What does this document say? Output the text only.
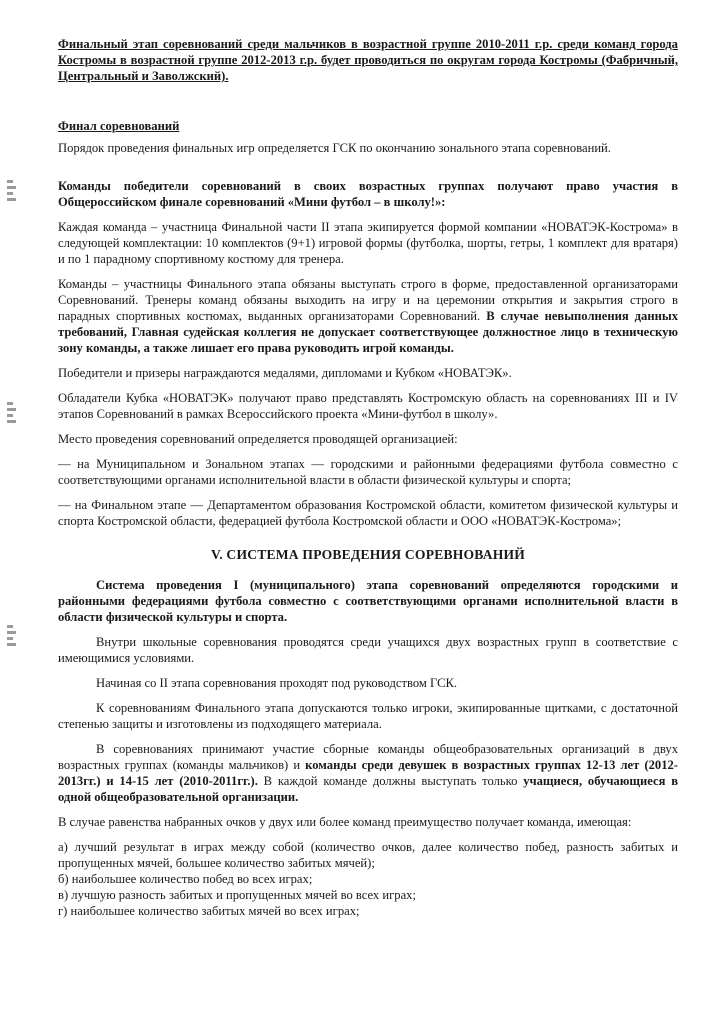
Финальный этап соревнований среди мальчиков в возрастной группе 2010-2011 г.р. среди команд города Костромы в возрастной группе 2012-2013 г.р. будет проводиться по округам города Костромы (Фабричный, Центральный и Заволжский).

Финал соревнований

Порядок проведения финальных игр определяется ГСК по окончанию зонального этапа соревнований.

Команды победители соревнований в своих возрастных группах получают право участия в Общероссийском финале соревнований «Мини футбол – в школу!»:

Каждая команда – участница Финальной части II этапа экипируется формой компании «НОВАТЭК-Кострома» в следующей комплектации: 10 комплектов (9+1) игровой формы (футболка, шорты, гетры, 1 комплект для вратаря) и по 1 парадному спортивному костюму для тренера.

Команды – участницы Финального этапа обязаны выступать строго в форме, предоставленной организаторами Соревнований. Тренеры команд обязаны выходить на игру и на церемонии открытия и закрытия строго в парадных спортивных костюмах, выданных организаторами Соревнований. В случае невыполнения данных требований, Главная судейская коллегия не допускает соответствующее должностное лицо в техническую зону команды, а также лишает его права руководить игрой команды.

Победители и призеры награждаются медалями, дипломами и Кубком «НОВАТЭК».

Обладатели Кубка «НОВАТЭК» получают право представлять Костромскую область на соревнованиях III и IV этапов Соревнований в рамках Всероссийского проекта «Мини-футбол в школу».

Место проведения соревнований определяется проводящей организацией:

— на Муниципальном и Зональном этапах — городскими и районными федерациями футбола совместно с соответствующими органами исполнительной власти в области физической культуры и спорта;

— на Финальном этапе — Департаментом образования Костромской области, комитетом физической культуры и спорта Костромской области, федерацией футбола Костромской области и ООО «НОВАТЭК-Кострома»;

V. СИСТЕМА ПРОВЕДЕНИЯ СОРЕВНОВАНИЙ

Система проведения I (муниципального) этапа соревнований определяются городскими и районными федерациями футбола совместно с соответствующими органами исполнительной власти в области физической культуры и спорта.

Внутри школьные соревнования проводятся среди учащихся двух возрастных групп в соответствие с имеющимися условиями.

Начиная со II этапа соревнования проходят под руководством ГСК.

К соревнованиям Финального этапа допускаются только игроки, экипированные щитками, с достаточной степенью защиты и изготовлены из подходящего материала.

В соревнованиях принимают участие сборные команды общеобразовательных организаций в двух возрастных группах (команды мальчиков) и команды среди девушек в возрастных группах 12-13 лет (2012-2013гг.) и 14-15 лет (2010-2011гг.). В каждой команде должны выступать только учащиеся, обучающиеся в одной общеобразовательной организации.

В случае равенства набранных очков у двух или более команд преимущество получает команда, имеющая:

а) лучший результат в играх между собой (количество очков, далее количество побед, разность забитых и пропущенных мячей, большее количество забитых мячей);

б) наибольшее количество побед во всех играх;

в) лучшую разность забитых и пропущенных мячей во всех играх;

г) наибольшее количество забитых мячей во всех играх;
